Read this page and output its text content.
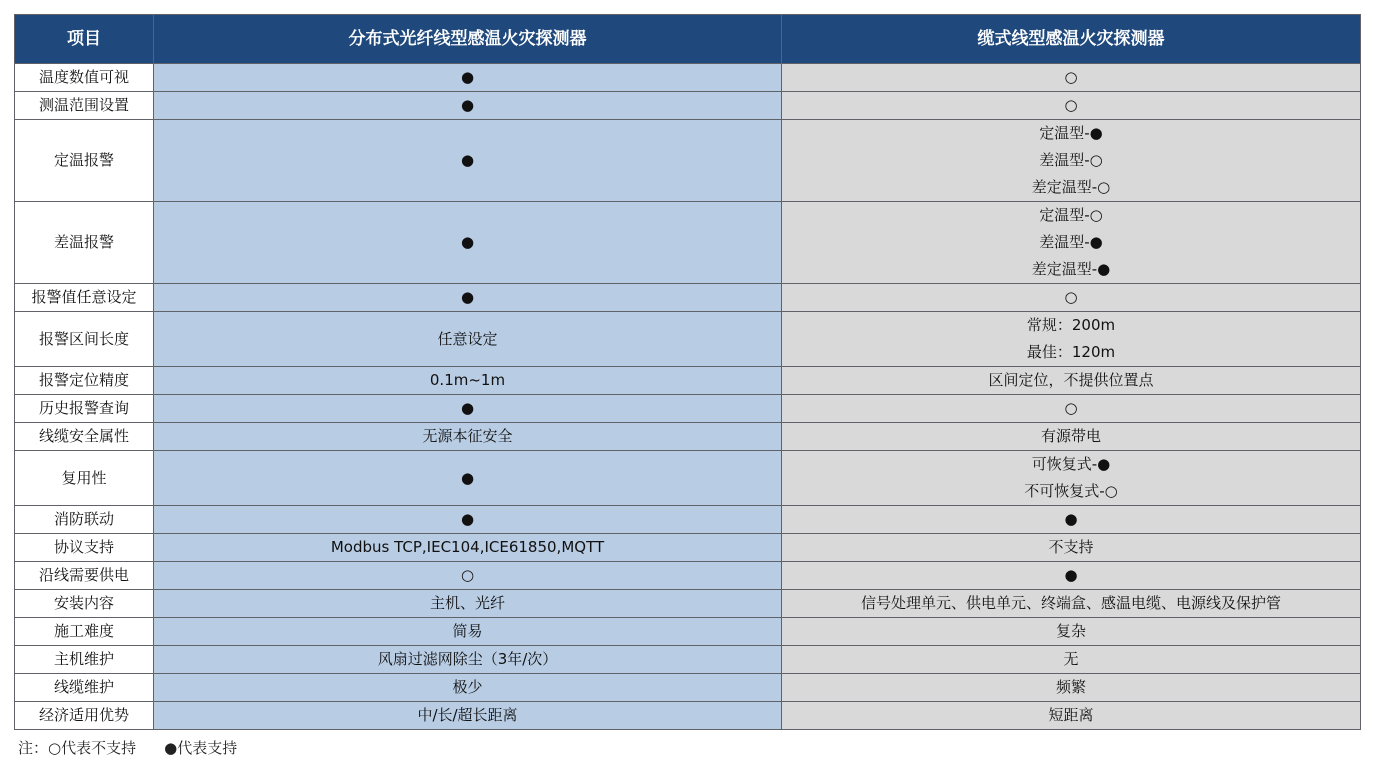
项目	分布式光纤线型感温火灾探测器	缆式线型感温火灾探测器
温度数值可视	●	○

测温范围设置	●	○

定温报警	●	定温型-●
差温型-○
差定温型-○

差温报警	●	定温型-○
差温型-●
差定温型-●

报警值任意设定	●	○

报警区间长度	任意设定	常规：200m
最佳：120m

报警定位精度	0.1m~1m	区间定位，不提供位置点

历史报警查询	●	○

线缆安全属性	无源本征安全	有源带电

复用性	●	可恢复式-●
不可恢复式-○

消防联动	●	●

协议支持	Modbus TCP,IEC104,ICE61850,MQTT	不支持

沿线需要供电	○	●

安装内容	主机、光纤	信号处理单元、供电单元、终端盒、感温电缆、电源线及保护管

施工难度	简易	复杂

主机维护	风扇过滤网除尘（3年/次）	无

线缆维护	极少	频繁

经济适用优势	中/长/超长距离	短距离
注：○代表不支持 ●代表支持
